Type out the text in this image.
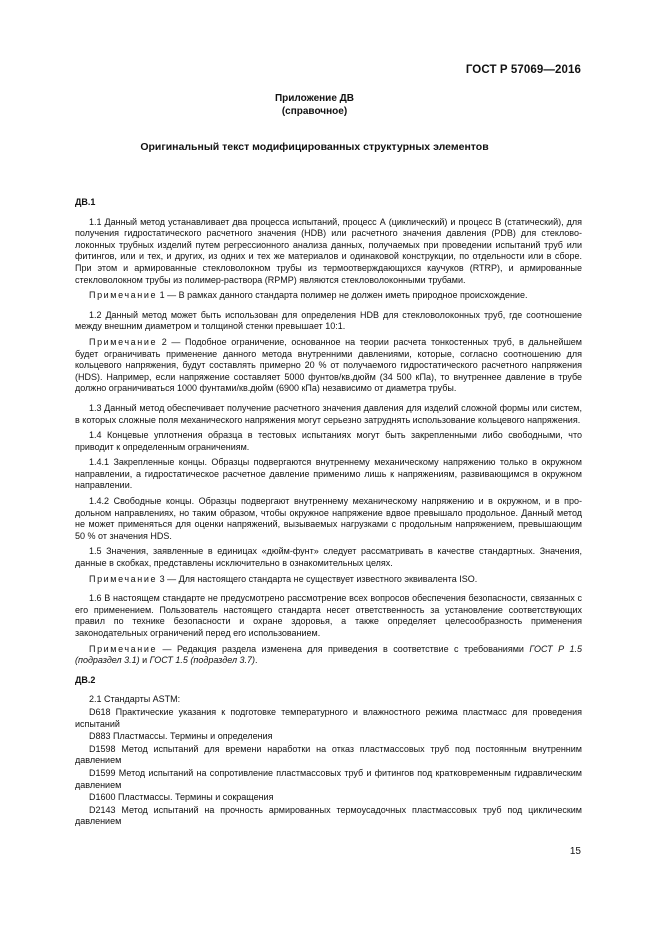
ГОСТ Р 57069—2016
Приложение ДВ
(справочное)
Оригинальный текст модифицированных структурных элементов
ДВ.1

1.1 Данный метод устанавливает два процесса испытаний, процесс А (циклический) и процесс В (статический), для получения гидростатического расчетного значения (HDB) или расчетного значения давления (PDB) для стекловолоконных трубных изделий путем регрессионного анализа данных, получаемых при проведении испытаний труб или фитингов, или и тех, и других, из одних и тех же материалов и одинаковой конструкции, по отдельности или в сборе. При этом и армированные стекловолокном трубы из термоотверждающихся каучуков (RTRP), и армированные стекловолокном трубы из полимер-раствора (RPMP) являются стекловолоконными трубами.

Примечание 1 — В рамках данного стандарта полимер не должен иметь природное происхождение.

1.2 Данный метод может быть использован для определения HDB для стекловолоконных труб, где соотношение между внешним диаметром и толщиной стенки превышает 10:1.

Примечание 2 — Подобное ограничение, основанное на теории расчета тонкостенных труб, в дальнейшем будет ограничивать применение данного метода внутренними давлениями, которые, согласно соотношению для кольцевого напряжения, будут составлять примерно 20 % от получаемого гидростатического расчетного напряжения (HDS). Например, если напряжение составляет 5000 фунтов/кв.дюйм (34 500 кПа), то внутреннее давление в трубе должно ограничиваться 1000 фунтами/кв.дюйм (6900 кПа) независимо от диаметра трубы.

1.3 Данный метод обеспечивает получение расчетного значения давления для изделий сложной формы или систем, в которых сложные поля механического напряжения могут серьезно затруднять использование кольцевого напряжения.

1.4 Концевые уплотнения образца в тестовых испытаниях могут быть закрепленными либо свободными, что приводит к определенным ограничениям.

1.4.1 Закрепленные концы. Образцы подвергаются внутреннему механическому напряжению только в окружном направлении, а гидростатическое расчетное давление применимо лишь к напряжениям, развивающимся в окружном направлении.

1.4.2 Свободные концы. Образцы подвергают внутреннему механическому напряжению и в окружном, и в продольном направлениях, но таким образом, чтобы окружное напряжение вдвое превышало продольное. Данный метод не может применяться для оценки напряжений, вызываемых нагрузками с продольным напряжением, превышающим 50 % от значения HDS.

1.5 Значения, заявленные в единицах «дюйм-фунт» следует рассматривать в качестве стандартных. Значения, данные в скобках, представлены исключительно в ознакомительных целях.

Примечание 3 — Для настоящего стандарта не существует известного эквивалента ISO.

1.6 В настоящем стандарте не предусмотрено рассмотрение всех вопросов обеспечения безопасности, связанных с его применением. Пользователь настоящего стандарта несет ответственность за установление соответствующих правил по технике безопасности и охране здоровья, а также определяет целесообразность применения законодательных ограничений перед его использованием.

Примечание — Редакция раздела изменена для приведения в соответствие с требованиями ГОСТ Р 1.5 (подраздел 3.1) и ГОСТ 1.5 (подраздел 3.7).

ДВ.2

2.1 Стандарты ASTM:

D618 Практические указания к подготовке температурного и влажностного режима пластмасс для проведения испытаний

D883 Пластмассы. Термины и определения

D1598 Метод испытаний для времени наработки на отказ пластмассовых труб под постоянным внутренним давлением

D1599 Метод испытаний на сопротивление пластмассовых труб и фитингов под кратковременным гидравлическим давлением

D1600 Пластмассы. Термины и сокращения

D2143 Метод испытаний на прочность армированных термоусадочных пластмассовых труб под циклическим давлением

15
